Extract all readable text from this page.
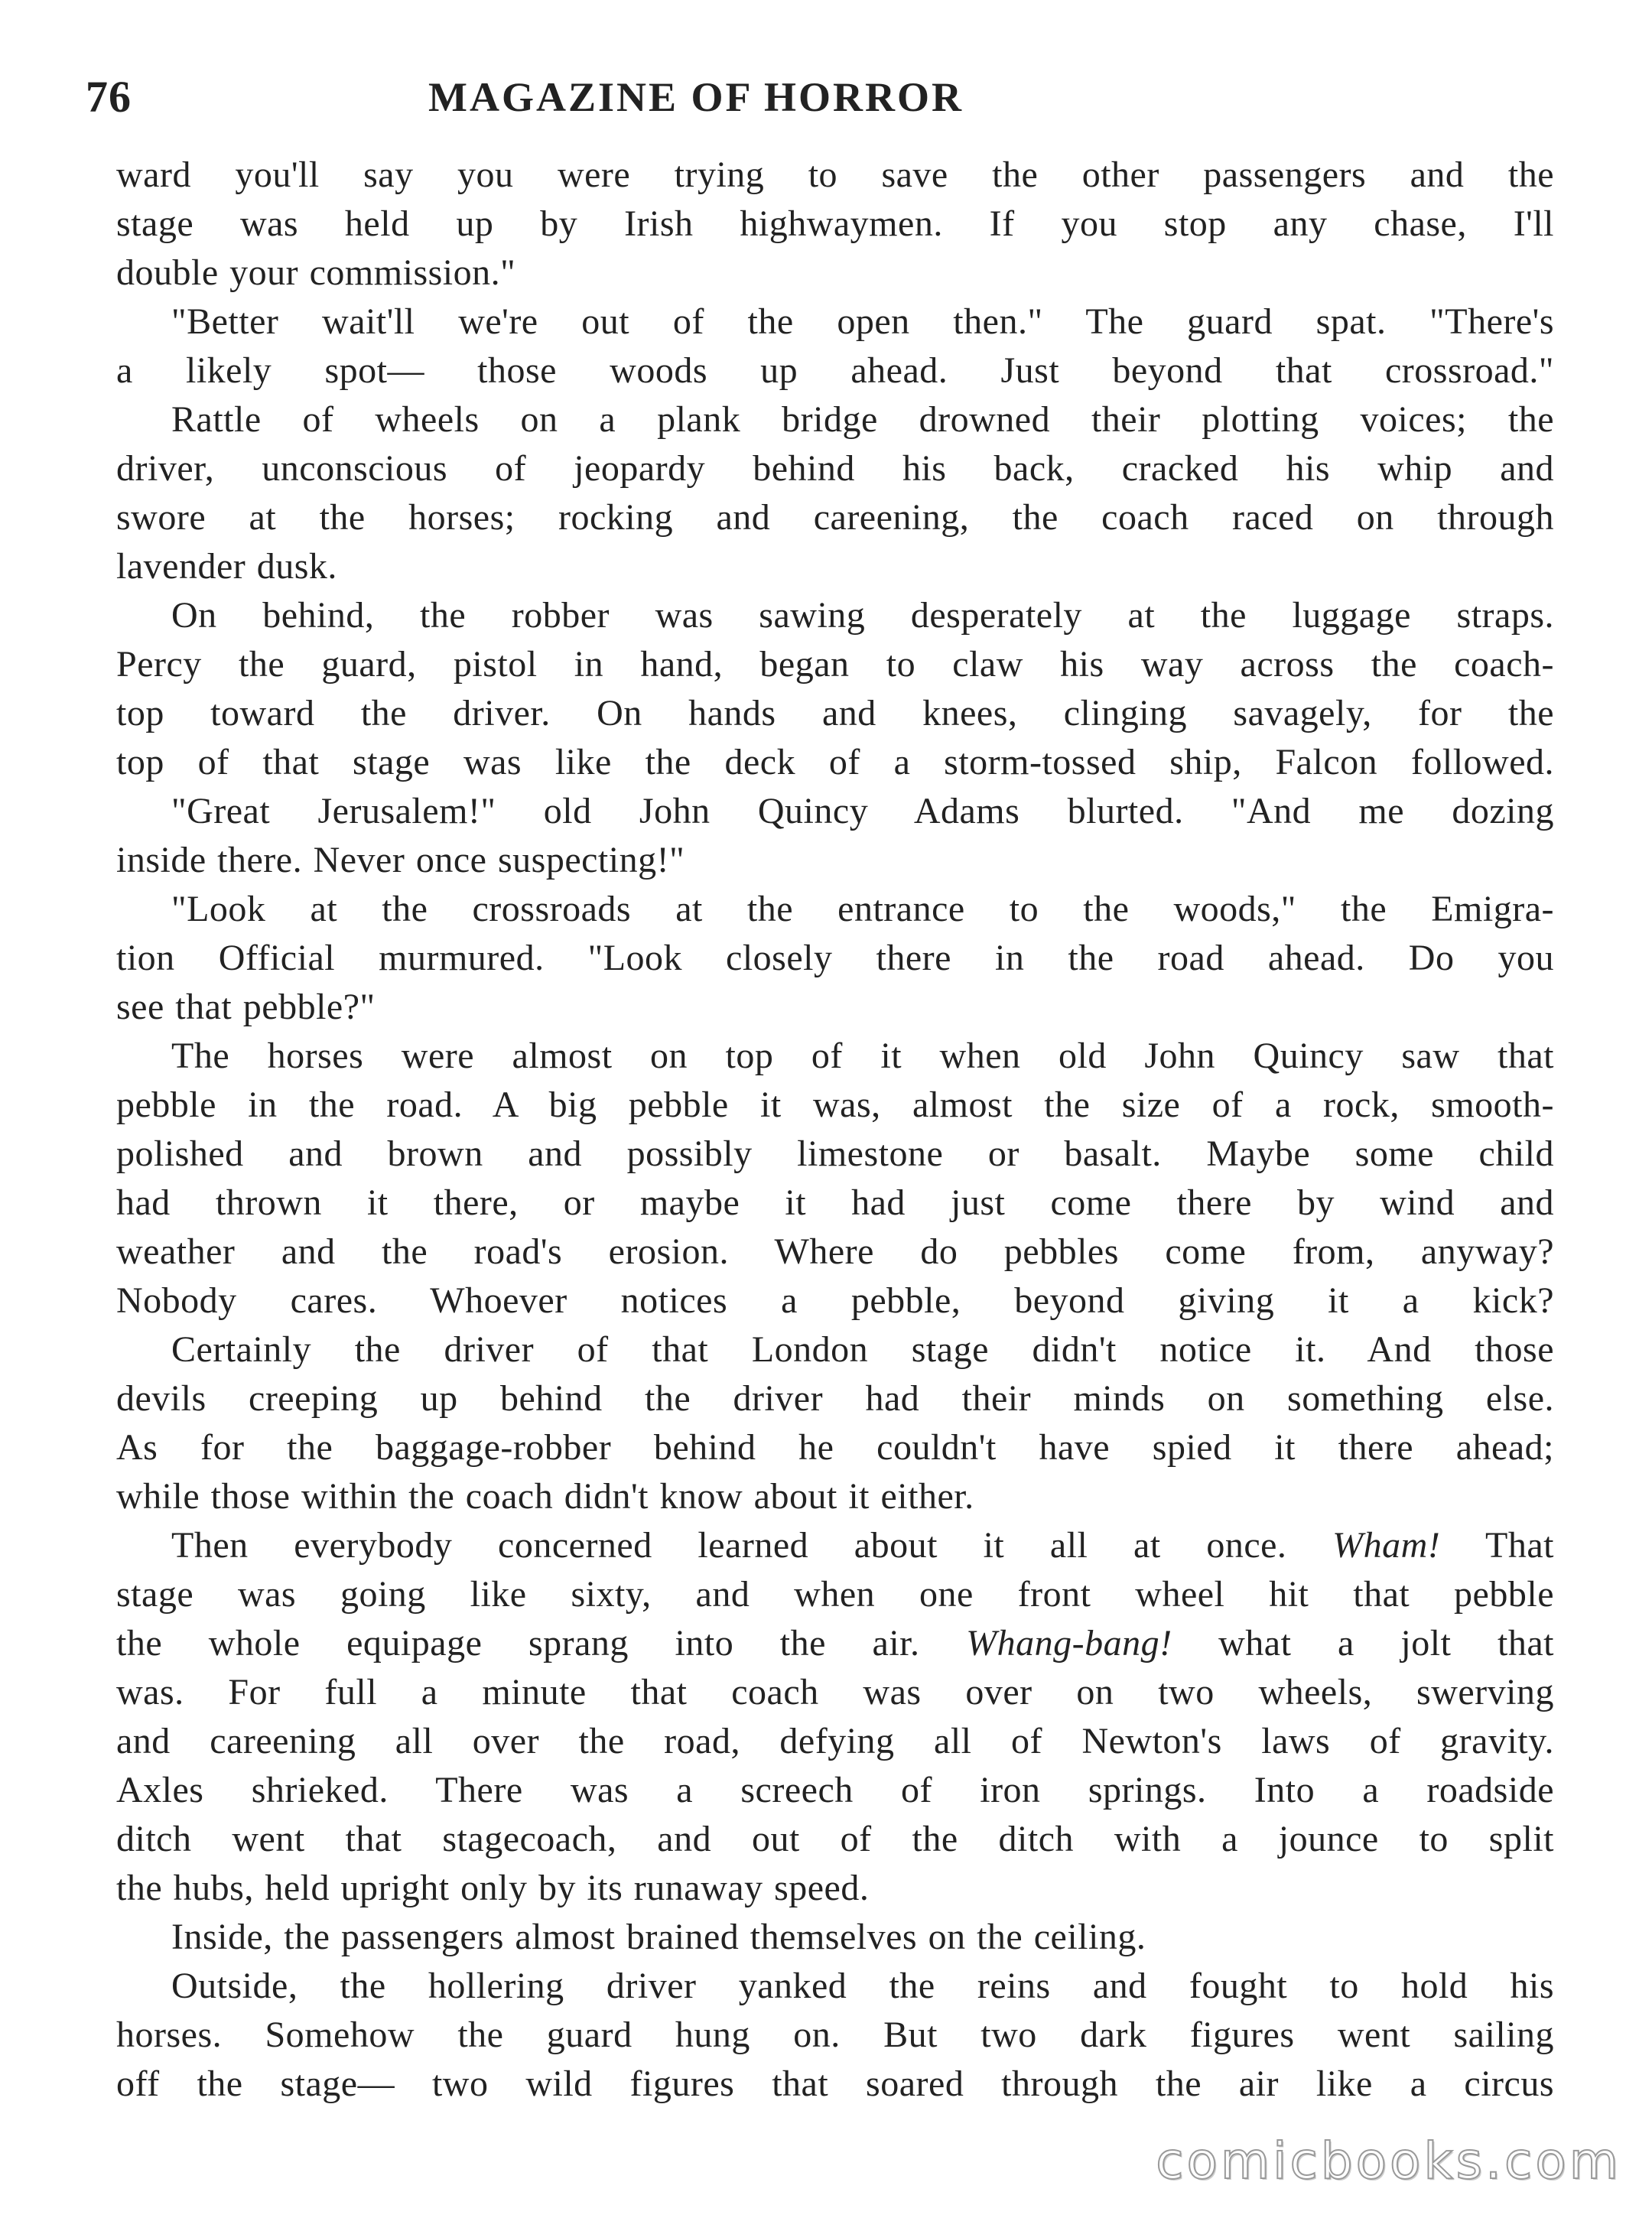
76	MAGAZINE OF HORROR
ward you'll say you were trying to save the other passengers and the
stage was held up by Irish highwaymen. If you stop any chase, I'll
double your commission."
"Better wait'll we're out of the open then." The guard spat. "There's
a likely spot— those woods up ahead. Just beyond that crossroad."
Rattle of wheels on a plank bridge drowned their plotting voices; the
driver, unconscious of jeopardy behind his back, cracked his whip and
swore at the horses; rocking and careening, the coach raced on through
lavender dusk.
On behind, the robber was sawing desperately at the luggage straps.
Percy the guard, pistol in hand, began to claw his way across the coach-
top toward the driver. On hands and knees, clinging savagely, for the
top of that stage was like the deck of a storm-tossed ship, Falcon followed.
"Great Jerusalem!" old John Quincy Adams blurted. "And me dozing
inside there. Never once suspecting!"
"Look at the crossroads at the entrance to the woods," the Emigra-
tion Official murmured. "Look closely there in the road ahead. Do you
see that pebble?"
The horses were almost on top of it when old John Quincy saw that
pebble in the road. A big pebble it was, almost the size of a rock, smooth-
polished and brown and possibly limestone or basalt. Maybe some child
had thrown it there, or maybe it had just come there by wind and
weather and the road's erosion. Where do pebbles come from, anyway?
Nobody cares. Whoever notices a pebble, beyond giving it a kick?
Certainly the driver of that London stage didn't notice it. And those
devils creeping up behind the driver had their minds on something else.
As for the baggage-robber behind he couldn't have spied it there ahead;
while those within the coach didn't know about it either.
Then everybody concerned learned about it all at once. Wham! That
stage was going like sixty, and when one front wheel hit that pebble
the whole equipage sprang into the air. Whang-bang! what a jolt that
was. For full a minute that coach was over on two wheels, swerving
and careening all over the road, defying all of Newton's laws of gravity.
Axles shrieked. There was a screech of iron springs. Into a roadside
ditch went that stagecoach, and out of the ditch with a jounce to split
the hubs, held upright only by its runaway speed.
Inside, the passengers almost brained themselves on the ceiling.
Outside, the hollering driver yanked the reins and fought to hold his
horses. Somehow the guard hung on. But two dark figures went sailing
off the stage— two wild figures that soared through the air like a circus
comicbooks.com
